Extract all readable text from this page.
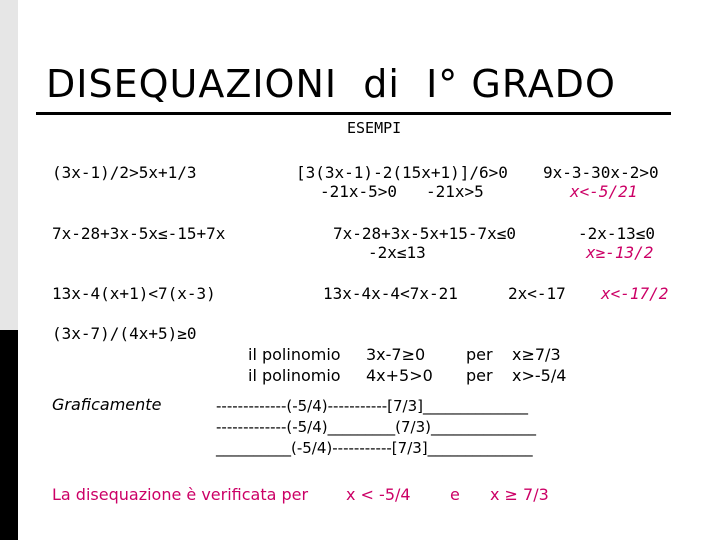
DISEQUAZIONI  di  I° GRADO
ESEMPI
(3x-1)/2>5x+1/3	[3(3x-1)-2(15x+1)]/6>0
-21x-5>0   -21x>5
9x-3-30x-2>0
x<-5/21
7x-28+3x-5x≤-15+7x	7x-28+3x-5x+15-7x≤0
-2x≤13
-2x-13≤0
x≥-13/2
13x-4(x+1)<7(x-3)	13x-4x-4<7x-21	2x<-17 x<-17/2
(3x-7)/(4x+5)≥0
il polinomio 3x-7≥0	per x≥7/3
il polinomio 4x+5>0 per x>-5/4
Graficamente	-------------(-5/4)-----------[7/3]______________
-------------(-5/4)_________(7/3)______________
__________(-5/4)-----------[7/3]______________
La disequazione è verificata per x < -5/4 e x ≥ 7/3
